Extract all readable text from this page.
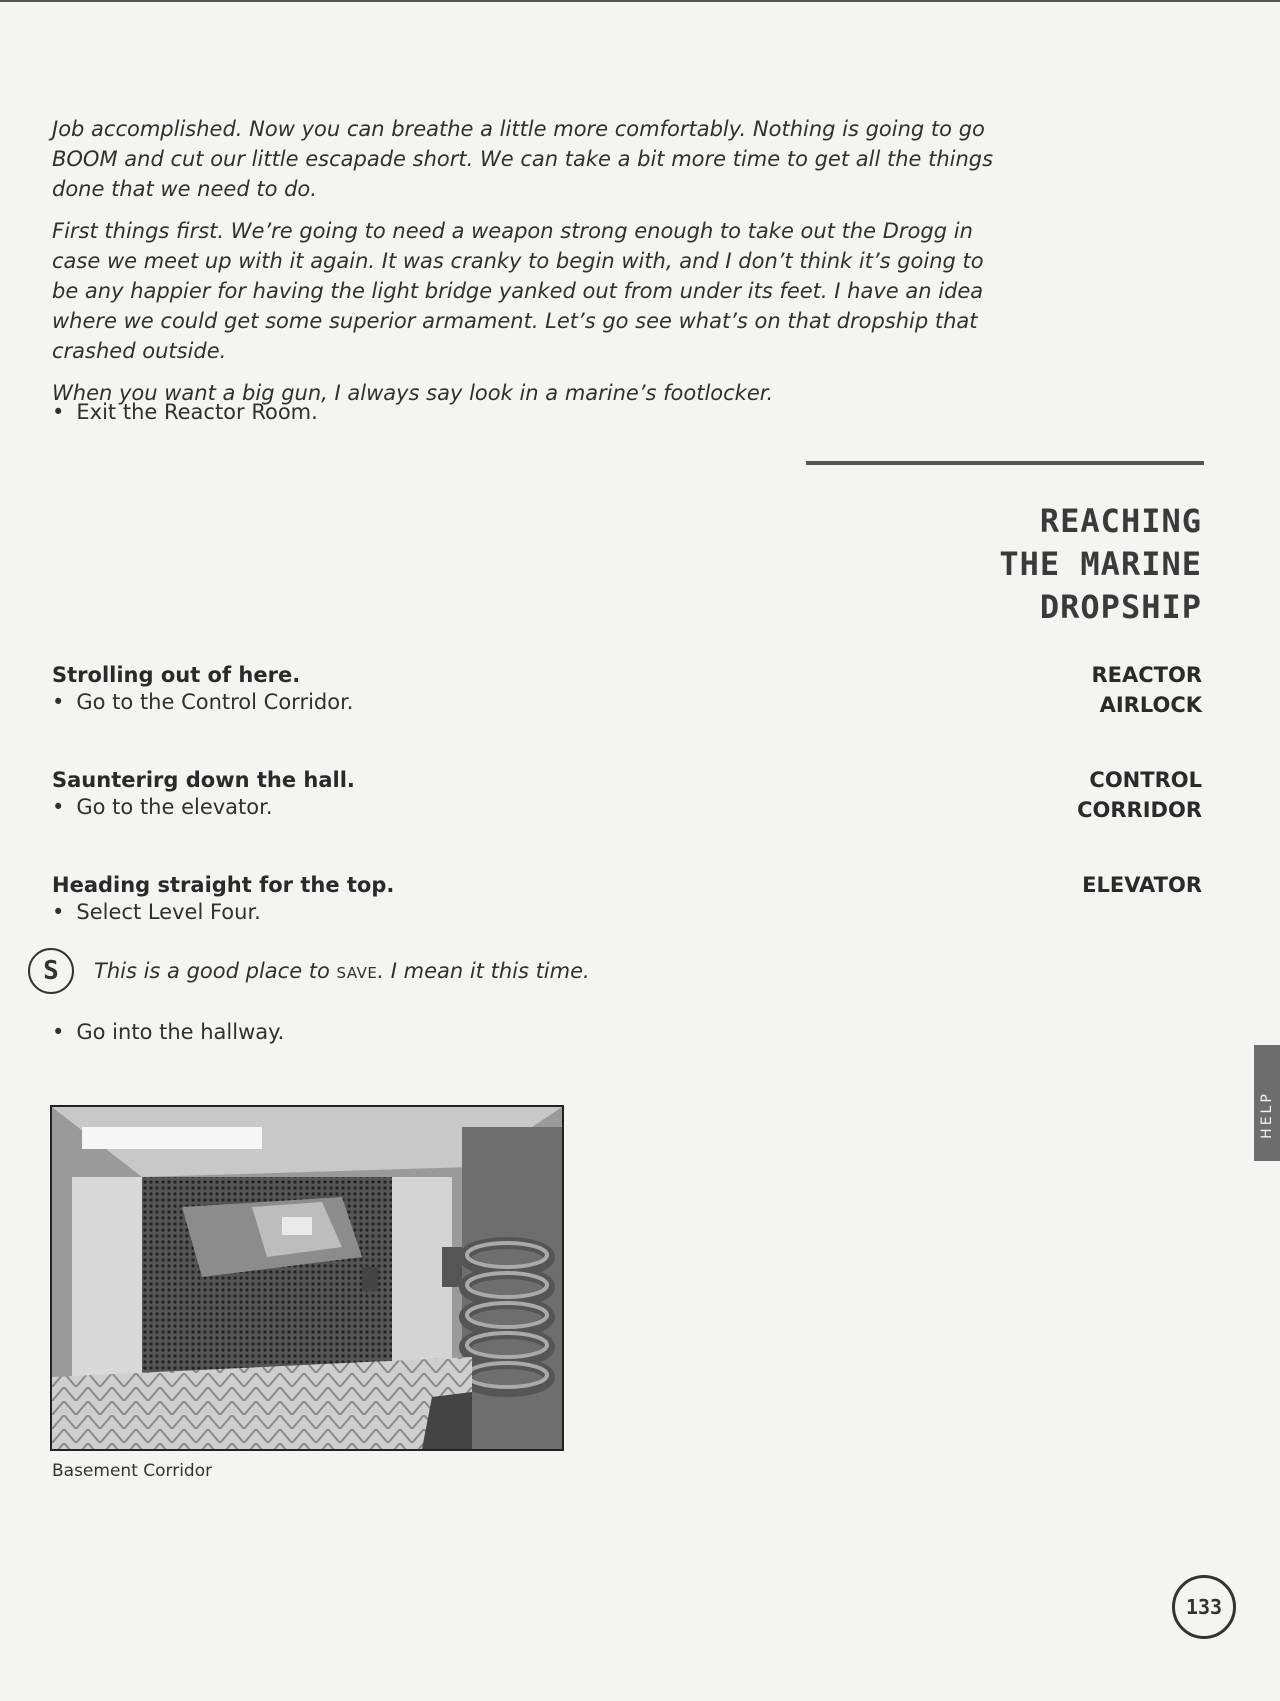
Job accomplished. Now you can breathe a little more comfortably. Nothing is going to go BOOM and cut our little escapade short. We can take a bit more time to get all the things done that we need to do.

First things first. We’re going to need a weapon strong enough to take out the Drogg in case we meet up with it again. It was cranky to begin with, and I don’t think it’s going to be any happier for having the light bridge yanked out from under its feet. I have an idea where we could get some superior armament. Let’s go see what’s on that dropship that crashed outside.

When you want a big gun, I always say look in a marine’s footlocker.

• Exit the Reactor Room.
REACHING
THE MARINE
DROPSHIP
Strolling out of here.
• Go to the Control Corridor.
REACTOR
AIRLOCK
Saunterirg down the hall.
• Go to the elevator.
CONTROL
CORRIDOR
Heading straight for the top.
• Select Level Four.
ELEVATOR
S	This is a good place to SAVE. I mean it this time.
• Go into the hallway.
Basement Corridor
HELP
133
